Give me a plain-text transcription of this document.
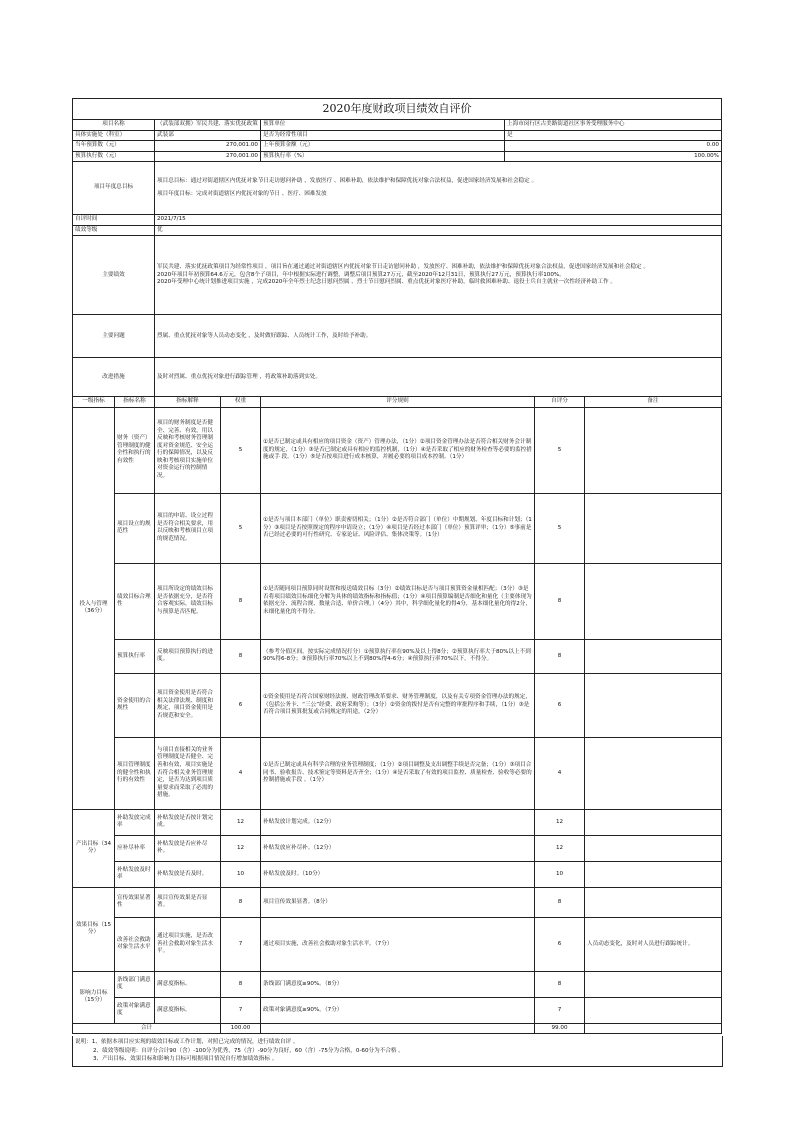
2020年度财政项目绩效自评价							
项目名称		（武装部双拥）军民共建、落实优抚政策		预算单位	上海市闵行区古美路街道社区事务受理服务中心		
具体实施处（科室）		武装部		是否为经常性项目	是		
当年预算数（元）		270,001.00		上年预算金额（元）	0.00		
预算执行数（元）		270,001.00		预算执行率（%）	100.00%		
项目年度总目标		项目总目标：通过对街道辖区内优抚对象节日走访慰问补助 ，发放医疗 、困难补助，依法维护和保障优抚对象合法权益，促进国家经济发展和社会稳定 。
项目年度目标：完成对街道辖区内优抚对象的节日 、医疗、困难发放					

自评时间		2021/7/15					
绩效等级		优					
主要绩效		军民共建、落实优抚政策项目为经常性项目 ，项目旨在通过通过对街道辖区内优抚对象节日走访慰问补助 ，发放医疗、困难补助，依法维护和保障优抚对象合法权益，促进国家经济发展和社会稳定 。
2020年项目年初预算64.6万元，包含8个子项目，年中根据实际进行调整，调整后项目预算27万元，截至2020年12月31日，预算执行27万元，预算执行率100%。
2020年受理中心统计划推进项目实施 ，完成2020年全年烈士纪念日慰问烈属 、烈士节日慰问烈属、重点优抚对象医疗补助，临时救困难补助、退役士兵自主就业一次性经济补助工作 。					

主要问题		烈属、重点优抚对象等人员动态变化 ，及时做好跟踪、人员统计工作，及时给予补助。					
改进措施		及时对烈属、重点优抚对象进行跟踪管理 ，将政策补助落到实处。					
一级指标	指标名称	指标解释	权重	评分规则		自评分	备注
投入与管理（36分）	财务（资产）管理制度的健全性和执行的有效性	项目的财务制度是否健全、完善、有效，用以反映和考核财务管理制度对资金规范、安全运行的保障情况，以及反映和考核项目实施单位对资金运行的控制情况。	5	①是否已制定或具有相应的项目资金（资产）管理办法，（1分）②项目资金管理办法是否符合相关财务会计制度的规定，（1分）③是否已制定或具有相应的监控机制，（1分）④是否采取了相应的财务检查等必要的监控措施或手 段。（1分）⑤是否按项目进行成本核算，并履必要的项目成本控制。（1分）		5	
	项目设立的规范性	项目的申请、设立过程是否符合相关要求，用以反映和考核项目立项的规范情况。	5	①是否与项目本部门（单位）职责密切相关；（1分）②是否符合部门（单位）中期规划、年度目标和计划；（1分）③项目是否按照规定的程序申请设立；（1分）④项目是否经过本部门（单位）预算评审；（1分）⑤事前是否已经过必要的可行性研究、专家论证、风险评估、集体决策等。（1分）		5	
	绩效目标合理性	项目所设定的绩效目标是否依据充分，是否符合客观实际，绩效目标与预算是否匹配。	8	①是否随同项目预算同时设置和报送绩效目标（3分）②绩效目标是否与项目预算资金量相匹配；（3分）③是否将项目绩效目标细化分解为具体的绩效指标和指标值；（1分）④项目预算编制是否细化和量化（主要体现为依据充分、流程合规、数量合适、单价合理。）（4分）其中，科学细化量化的得4分，基本细化量化的得2分，未细化量化的不得分。		8	
	预算执行率	反映项目预算执行的进度。	8	（参考分值区间，按实际完成情况打分）①预算执行率在90%及以上得8分；②预算执行率大于80%以上不到90%得6-8分；③预算执行率70%以上不到80%得4-6分；④预算执行率70%以下，不得分。		8	
	资金使用的合规性	项目资金使用是否符合相关法律法规、制度和规定，项目资金使用是否规范和安全。	6	①资金使用是否符合国家财经法规、财政管理改革要求、财务管理制度，以及有关专项资金管理办法的规定，（包括公务卡、“三公”经费、政府采购等）；（3分）②资金的拨付是否有完整的审批程序和手续，（1分）③是否符合项目预算批复或合同规定的用途，（2分）		6	
	项目管理制度的健全性和执行的有效性	与项目直接相关的业务管理制度是否健全、完善和有效，项目实施是否符合相关业务管理规定，是否为达到项目质量要求而采取了必需的措施。	4	①是否已制定或具有科学合理的业务管理制度；（1分）②项目调整及支出调整手续是否完备；（1分）③项目合同书、验收报告、技术鉴定等资料是否齐全；（1分）④是否采取了有效的项目监控、质量检查、验收等必要的控制措施或手段 。（1分）		4	
产出目标（34分）	补助发放完成率	补贴发放是否按计划完成。	12	补贴发放计划完成。（12分）		12	
	应补尽补率	补贴发放是否应补尽补。	12	补贴发放应补尽补。（12分）		12	
	补贴发放及时率	补贴发放是否及时。	10	补贴发放及时。（10分）		10	
效果目标（15分）	宣传效果显著性	项目宣传效果是否显著。	8	项目宣传效果显著。（8分）		8	
	改善社会救助对象生活水平	通过项目实施，是否改善社会救助对象生活水平。	7	通过项目实施，改善社会救助对象生活水平。（7分）		6	人员动态变化，及时对人员进行跟踪统计。
影响力目标（15分）	条线部门满意度	满意度指标。	8	条线部门满意度≥90%。（8分）		8	
	政策对象满意度	满意度指标。	7	政策对象满意度≥90%。（7分）		7	
合计			100.00			99.00	
说明：1、依据本项目应实现的绩效目标或工作计划，对照已完成的情况，进行绩效自评 。
2、绩效等级说明：自评分合计90（含）-100分为优秀，75（含）-90分为良好，60（含）-75分为合格，0-60分为不合格 。
3、产出目标、效果目标和影响力目标可根据项目情况自行增加绩效指标 。
